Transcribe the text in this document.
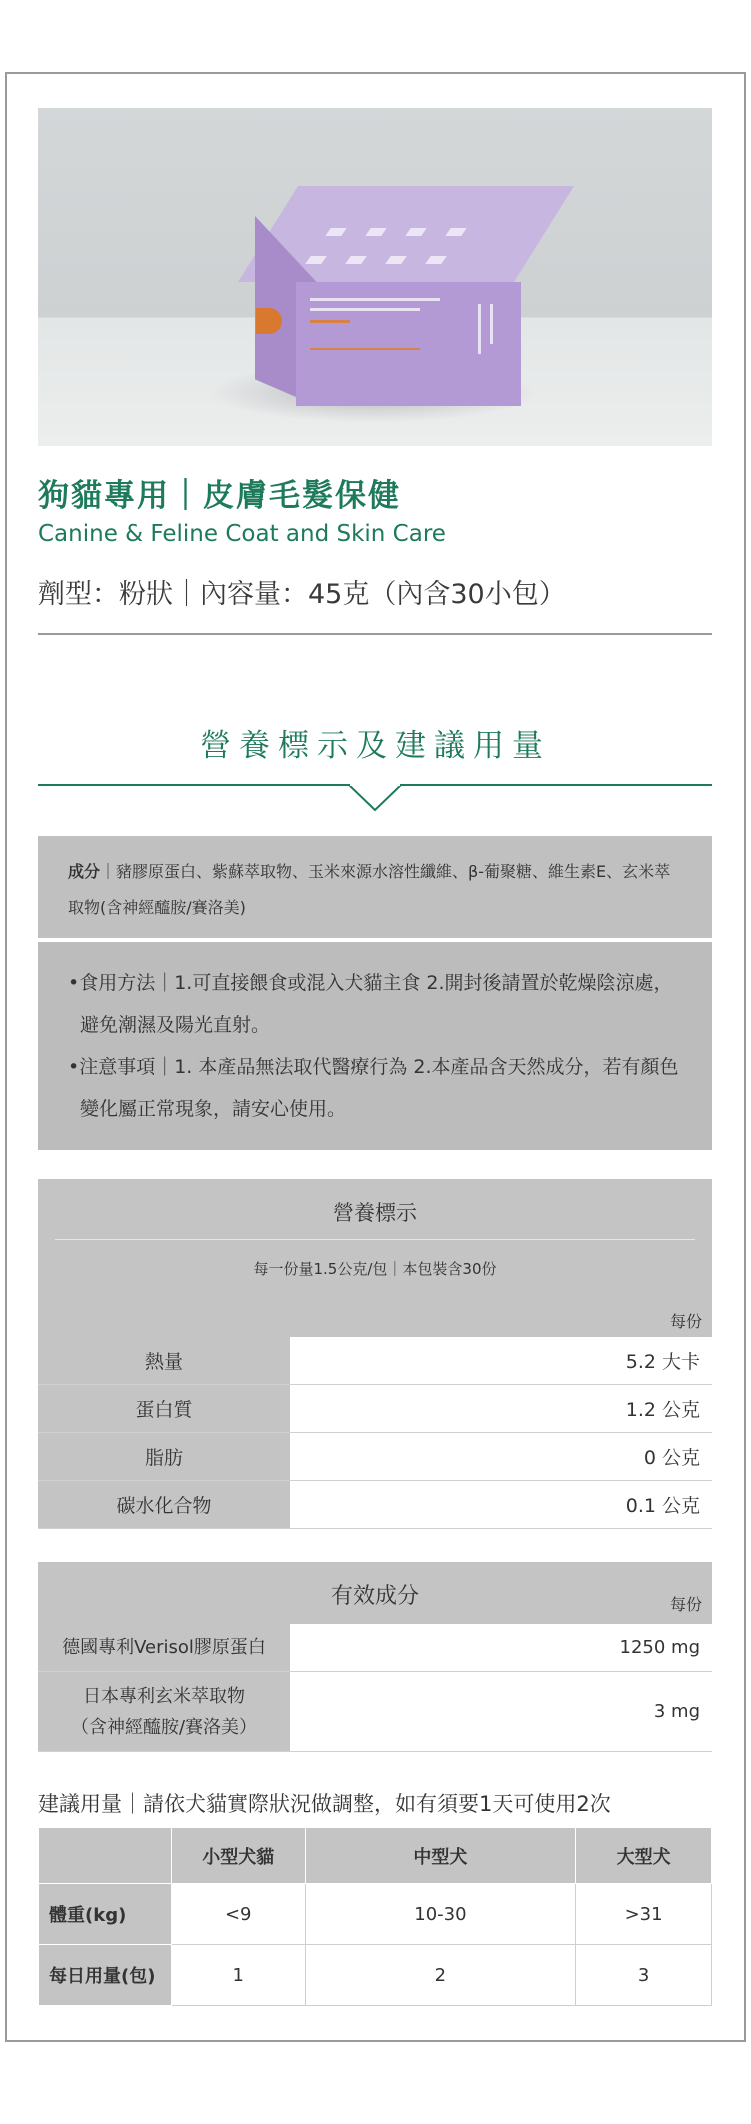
狗貓專用｜皮膚毛髮保健
Canine & Feline Coat and Skin Care
劑型：粉狀｜內容量：45克（內含30小包）
營養標示及建議用量
成分｜豬膠原蛋白、紫蘇萃取物、玉米來源水溶性纖維、β-葡聚糖、維生素E、玄米萃取物(含神經醯胺/賽洛美)
•食用方法｜1.可直接餵食或混入犬貓主食 2.開封後請置於乾燥陰涼處，避免潮濕及陽光直射。
•注意事項｜1. 本產品無法取代醫療行為 2.本產品含天然成分，若有顏色變化屬正常現象，請安心使用。
營養標示
每一份量1.5公克/包｜本包裝含30份
每份
熱量	5.2 大卡
蛋白質	1.2 公克
脂肪	0 公克
碳水化合物	0.1 公克
有效成分	每份
德國專利Verisol膠原蛋白	1250 mg
日本專利玄米萃取物
（含神經醯胺/賽洛美）
3 mg
建議用量｜請依犬貓實際狀況做調整，如有須要1天可使用2次
	小型犬貓	中型犬	大型犬
體重(kg)	<9	10-30	>31
每日用量(包)	1	2	3
